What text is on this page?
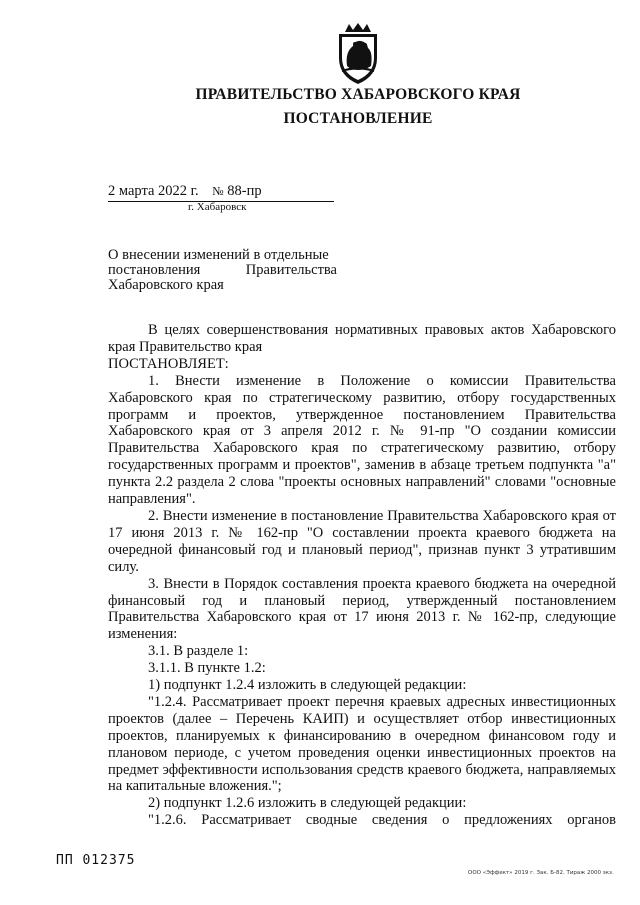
ПРАВИТЕЛЬСТВО ХАБАРОВСКОГО КРАЯ
ПОСТАНОВЛЕНИЕ
2 марта 2022 г. № 88-пр
г. Хабаровск
О внесении изменений в отдельные
постановления	Правительства
Хабаровского края

В целях совершенствования нормативных правовых актов Хабаровского края Правительство края

ПОСТАНОВЛЯЕТ:

1. Внести изменение в Положение о комиссии Правительства Хабаровского края по стратегическому развитию, отбору государственных программ и проектов, утвержденное постановлением Правительства Хабаровского края от 3 апреля 2012 г. № 91-пр "О создании комиссии Правительства Хабаровского края по стратегическому развитию, отбору государственных программ и проектов", заменив в абзаце третьем подпункта "а" пункта 2.2 раздела 2 слова "проекты основных направлений" словами "основные направления".

2. Внести изменение в постановление Правительства Хабаровского края от 17 июня 2013 г. № 162-пр "О составлении проекта краевого бюджета на очередной финансовый год и плановый период", признав пункт 3 утратившим силу.

3. Внести в Порядок составления проекта краевого бюджета на очередной финансовый год и плановый период, утвержденный постановлением Правительства Хабаровского края от 17 июня 2013 г. № 162-пр, следующие изменения:

3.1. В разделе 1:

3.1.1. В пункте 1.2:

1) подпункт 1.2.4 изложить в следующей редакции:

"1.2.4. Рассматривает проект перечня краевых адресных инвестиционных проектов (далее – Перечень КАИП) и осуществляет отбор инвестиционных проектов, планируемых к финансированию в очередном финансовом году и плановом периоде, с учетом проведения оценки инвестиционных проектов на предмет эффективности использования средств краевого бюджета, направляемых на капитальные вложения.";

2) подпункт 1.2.6 изложить в следующей редакции:

"1.2.6. Рассматривает сводные сведения о предложениях органов

ПП 012375
ООО «Эффект» 2019 г. Зак. Б-82. Тираж 2000 экз.
